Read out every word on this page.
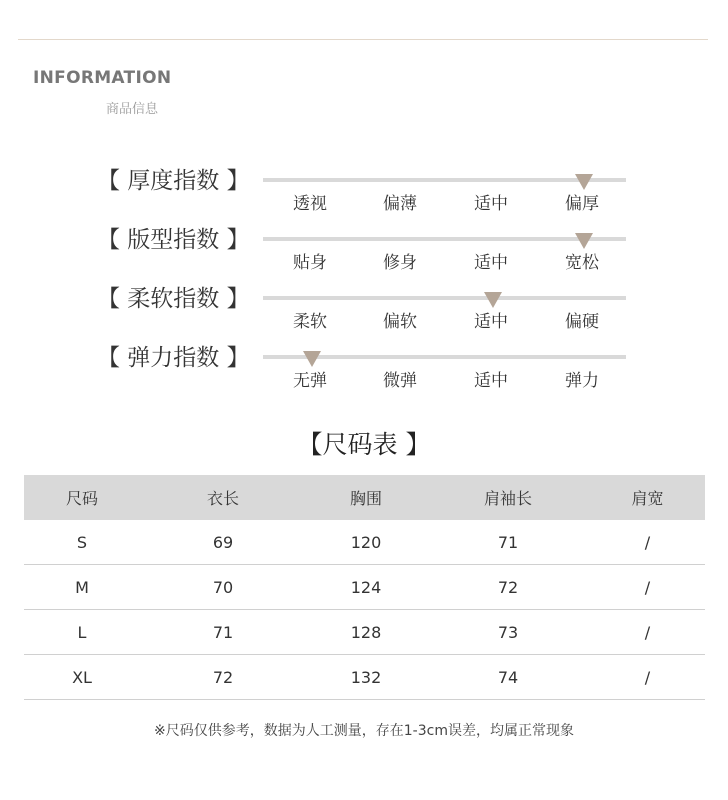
INFORMATION
商品信息
【 厚度指数 】
透视	偏薄	适中	偏厚
【 版型指数 】
贴身	修身	适中	宽松
【 柔软指数 】
柔软	偏软	适中	偏硬
【 弹力指数 】
无弹	微弹	适中	弹力
【尺码表 】
尺码	衣长	胸围	肩袖长	肩宽
S	69	120	71	/
M	70	124	72	/
L	71	128	73	/
XL	72	132	74	/
※尺码仅供参考，数据为人工测量，存在1-3cm误差，均属正常现象
